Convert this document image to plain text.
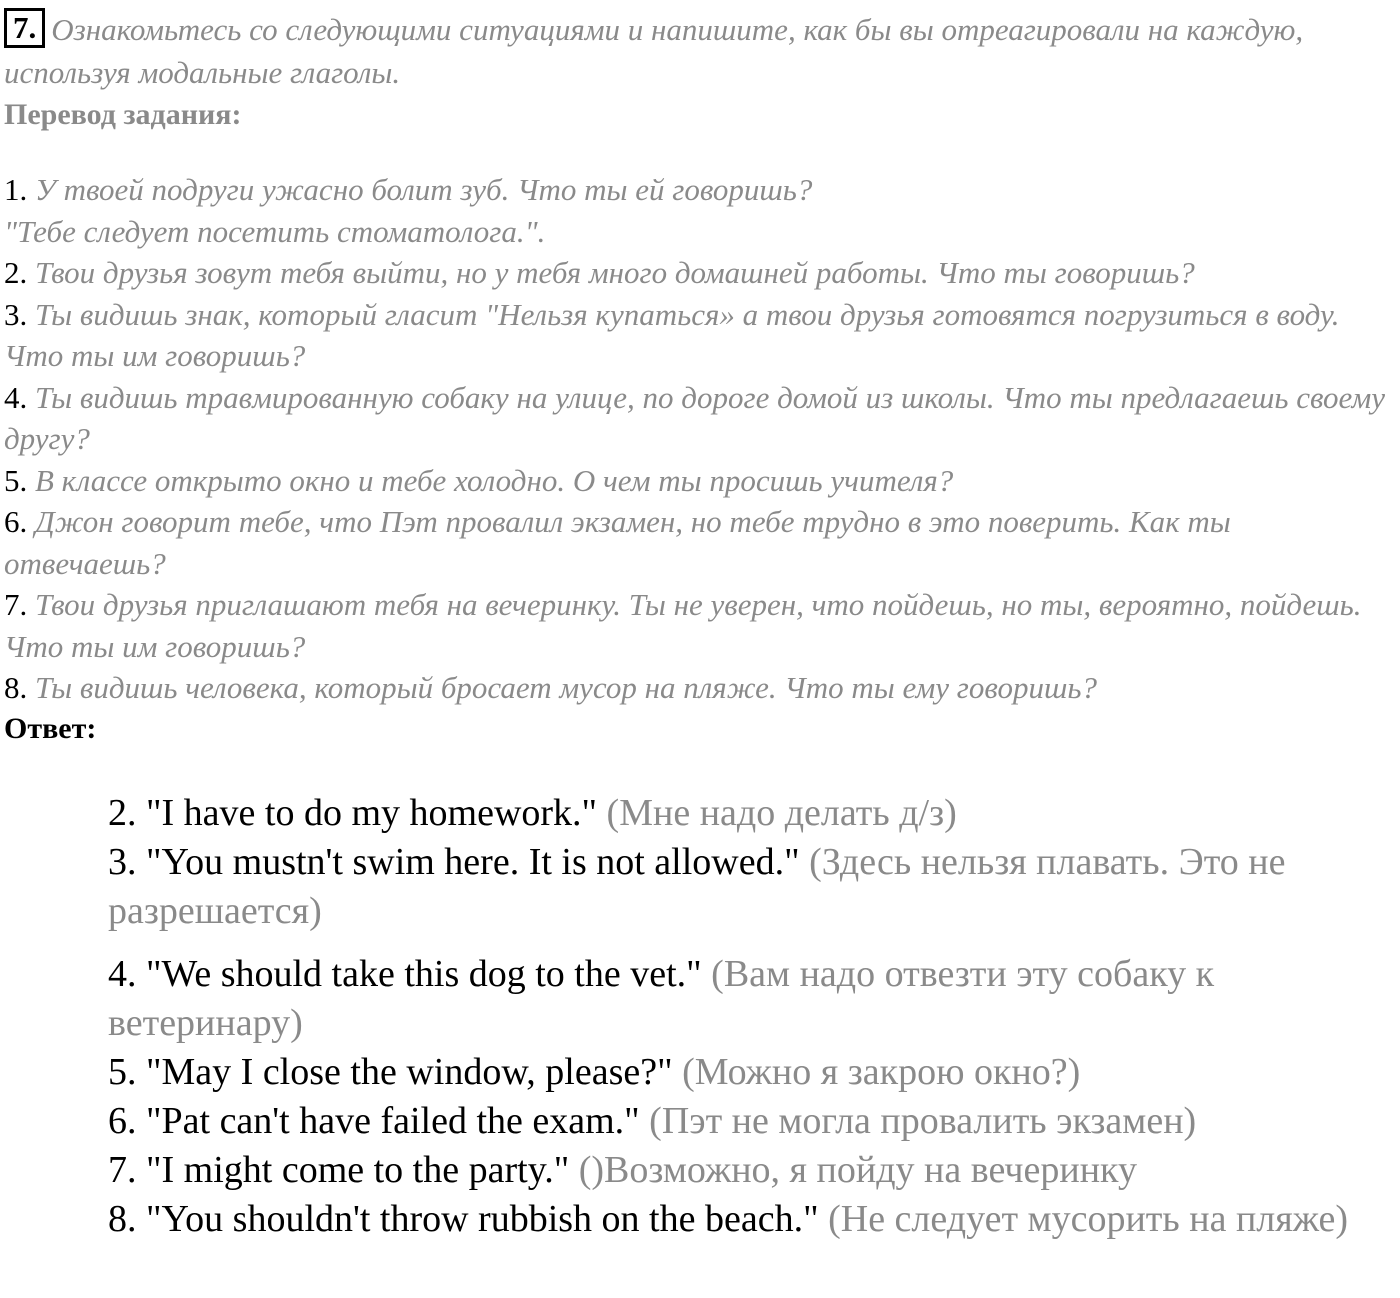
7. Ознакомьтесь со следующими ситуациями и напишите, как бы вы отреагировали на каждую, используя модальные глаголы.

Перевод задания:

1. У твоей подруги ужасно болит зуб. Что ты ей говоришь?
"Тебе следует посетить стоматолога.".
2. Твои друзья зовут тебя выйти, но у тебя много домашней работы. Что ты говоришь?
3. Ты видишь знак, который гласит "Нельзя купаться» а твои друзья готовятся погрузиться в воду. Что ты им говоришь?
4. Ты видишь травмированную собаку на улице, по дороге домой из школы. Что ты предлагаешь своему другу?
5. В классе открыто окно и тебе холодно. О чем ты просишь учителя?
6. Джон говорит тебе, что Пэт провалил экзамен, но тебе трудно в это поверить. Как ты отвечаешь?
7. Твои друзья приглашают тебя на вечеринку. Ты не уверен, что пойдешь, но ты, вероятно, пойдешь. Что ты им говоришь?
8. Ты видишь человека, который бросает мусор на пляже. Что ты ему говоришь?

Ответ:

2. "I have to do my homework." (Мне надо делать д/з)
3. "You mustn't swim here. It is not allowed." (Здесь нельзя плавать. Это не разрешается)
4. "We should take this dog to the vet." (Вам надо отвезти эту собаку к ветеринару)
5. "May I close the window, please?" (Можно я закрою окно?)
6. "Pat can't have failed the exam." (Пэт не могла провалить экзамен)
7. "I might come to the party." ()Возможно, я пойду на вечеринку
8. "You shouldn't throw rubbish on the beach." (Не следует мусорить на пляже)
